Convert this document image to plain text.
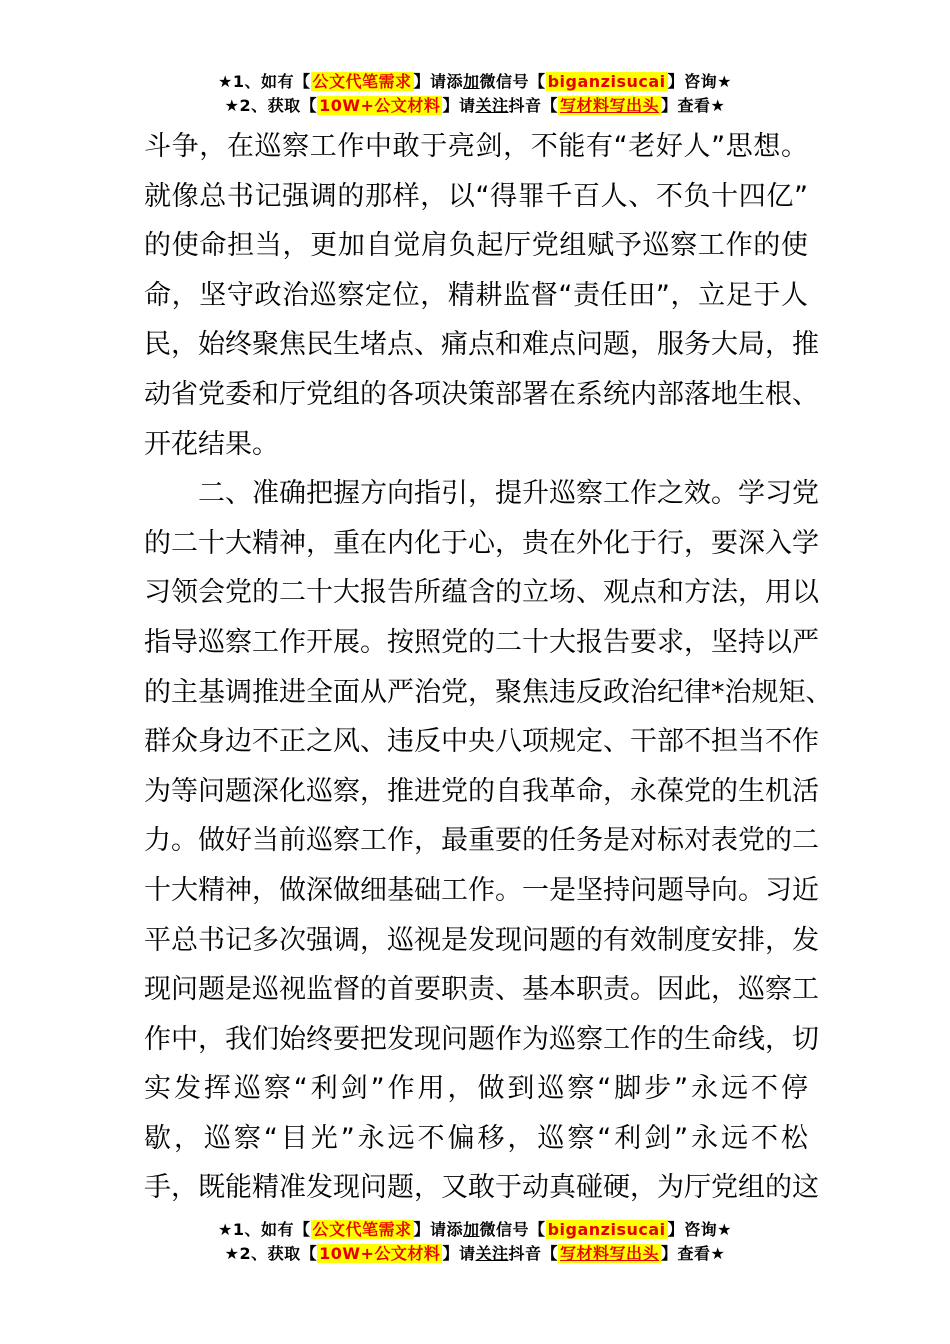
★1、如有【 公文代笔需求 】请添加微信号【 biganzisucai 】咨询★
★2、获取【 10W+公文材料 】请关注抖音【 写材料写出头 】查看★

斗争，在巡察工作中敢于亮剑，不能有“老好人”思想。
就像总书记强调的那样，以“得罪千百人、不负十四亿”
的使命担当，更加自觉肩负起厅党组赋予巡察工作的使
命，坚守政治巡察定位，精耕监督“责任田”，立足于人
民，始终聚焦民生堵点、痛点和难点问题，服务大局，推
动省党委和厅党组的各项决策部署在系统内部落地生根、
开花结果。

二、准确把握方向指引，提升巡察工作之效。学习党
的二十大精神，重在内化于心，贵在外化于行，要深入学
习领会党的二十大报告所蕴含的立场、观点和方法，用以
指导巡察工作开展。按照党的二十大报告要求，坚持以严
的主基调推进全面从严治党，聚焦违反政治纪律*治规矩、
群众身边不正之风、违反中央八项规定、干部不担当不作
为等问题深化巡察，推进党的自我革命，永葆党的生机活
力。做好当前巡察工作，最重要的任务是对标对表党的二
十大精神，做深做细基础工作。一是坚持问题导向。习近
平总书记多次强调，巡视是发现问题的有效制度安排，发
现问题是巡视监督的首要职责、基本职责。因此，巡察工
作中，我们始终要把发现问题作为巡察工作的生命线，切
实发挥巡察“利剑”作用，做到巡察“脚步”永远不停
歇，巡察“目光”永远不偏移，巡察“利剑”永远不松
手，既能精准发现问题，又敢于动真碰硬，为厅党组的这

★1、如有【 公文代笔需求 】请添加微信号【 biganzisucai 】咨询★
★2、获取【 10W+公文材料 】请关注抖音【 写材料写出头 】查看★
